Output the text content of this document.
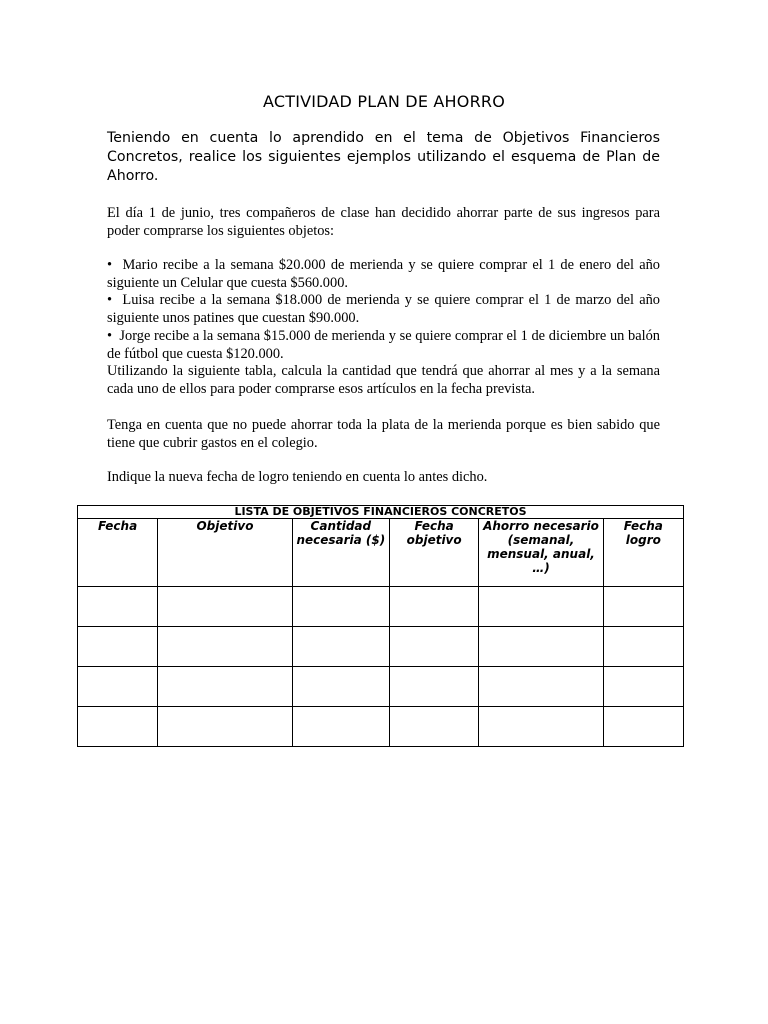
ACTIVIDAD PLAN DE AHORRO

Teniendo en cuenta lo aprendido en el tema de Objetivos Financieros Concretos, realice los siguientes ejemplos utilizando el esquema de Plan de Ahorro.

El día 1 de junio, tres compañeros de clase han decidido ahorrar parte de sus ingresos para poder comprarse los siguientes objetos:

• Mario recibe a la semana $20.000 de merienda y se quiere comprar el 1 de enero del año siguiente un Celular que cuesta $560.000.

• Luisa recibe a la semana $18.000 de merienda y se quiere comprar el 1 de marzo del año siguiente unos patines que cuestan $90.000.

• Jorge recibe a la semana $15.000 de merienda y se quiere comprar el 1 de diciembre un balón de fútbol que cuesta $120.000.

Utilizando la siguiente tabla, calcula la cantidad que tendrá que ahorrar al mes y a la semana cada uno de ellos para poder comprarse esos artículos en la fecha prevista.

Tenga en cuenta que no puede ahorrar toda la plata de la merienda porque es bien sabido que tiene que cubrir gastos en el colegio.

Indique la nueva fecha de logro teniendo en cuenta lo antes dicho.

LISTA DE OBJETIVOS FINANCIEROS CONCRETOS					
Fecha	Objetivo	Cantidad necesaria ($)	Fecha objetivo	Ahorro necesario (semanal, mensual, anual, …)	Fecha logro
